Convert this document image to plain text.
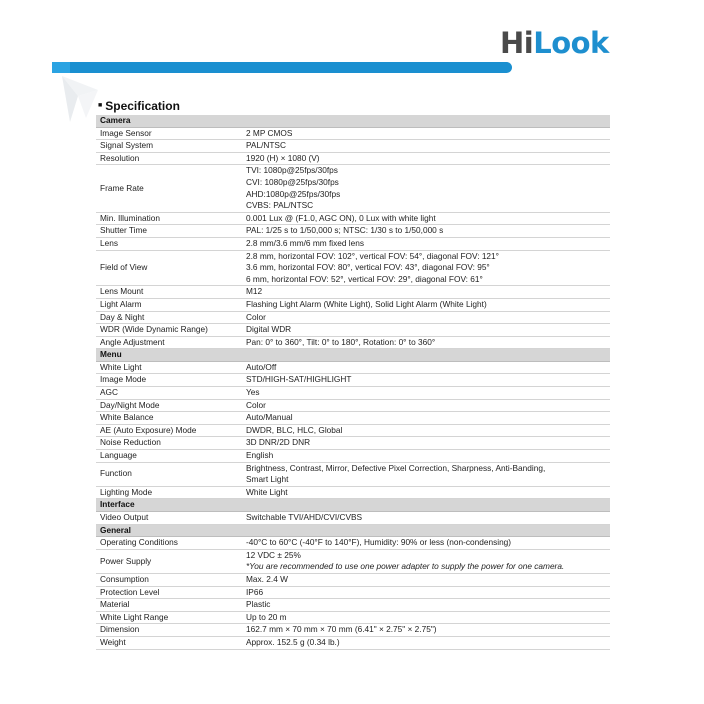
HiLook
■ Specification
Camera	
Image Sensor	2 MP CMOS

Signal System	PAL/NTSC

Resolution	1920 (H) × 1080 (V)

Frame Rate	TVI: 1080p@25fps/30fps
CVI: 1080p@25fps/30fps
AHD:1080p@25fps/30fps
CVBS: PAL/NTSC

Min. Illumination	0.001 Lux @ (F1.0, AGC ON), 0 Lux with white light

Shutter Time	PAL: 1/25 s to 1/50,000 s; NTSC: 1/30 s to 1/50,000 s

Lens	2.8 mm/3.6 mm/6 mm fixed lens

Field of View	2.8 mm, horizontal FOV: 102°, vertical FOV: 54°, diagonal FOV: 121°
3.6 mm, horizontal FOV: 80°, vertical FOV: 43°, diagonal FOV: 95°
6 mm, horizontal FOV: 52°, vertical FOV: 29°, diagonal FOV: 61°

Lens Mount	M12

Light Alarm	Flashing Light Alarm (White Light), Solid Light Alarm (White Light)

Day & Night	Color

WDR (Wide Dynamic Range)	Digital WDR

Angle Adjustment	Pan: 0° to 360°, Tilt: 0° to 180°, Rotation: 0° to 360°

Menu	
White Light	Auto/Off

Image Mode	STD/HIGH-SAT/HIGHLIGHT

AGC	Yes

Day/Night Mode	Color

White Balance	Auto/Manual

AE (Auto Exposure) Mode	DWDR, BLC, HLC, Global

Noise Reduction	3D DNR/2D DNR

Language	English

Function	Brightness, Contrast, Mirror, Defective Pixel Correction, Sharpness, Anti-Banding,
Smart Light

Lighting Mode	White Light

Interface	
Video Output	Switchable TVI/AHD/CVI/CVBS

General	
Operating Conditions	-40°C to 60°C (-40°F to 140°F), Humidity: 90% or less (non-condensing)

Power Supply	12 VDC ± 25%
*You are recommended to use one power adapter to supply the power for one camera.

Consumption	Max. 2.4 W

Protection Level	IP66

Material	Plastic

White Light Range	Up to 20 m

Dimension	162.7 mm × 70 mm × 70 mm (6.41" × 2.75" × 2.75")

Weight	Approx. 152.5 g (0.34 lb.)
